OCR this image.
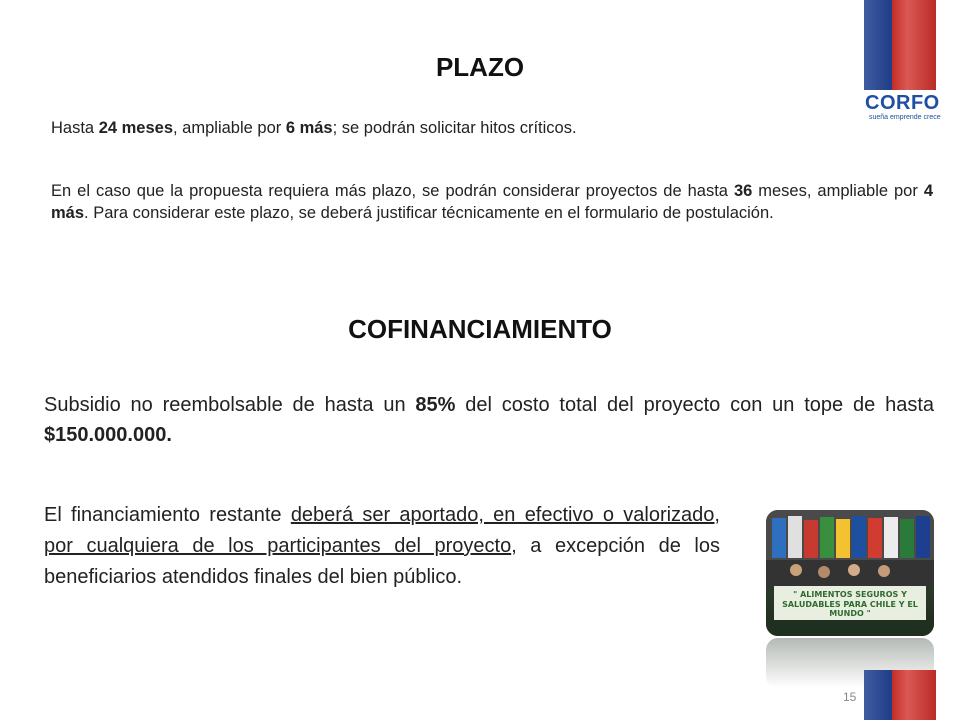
CORFO
sueña emprende crece
PLAZO
Hasta 24 meses, ampliable por 6 más; se podrán solicitar hitos críticos.
En el caso que la propuesta requiera más plazo, se podrán considerar proyectos de hasta 36 meses, ampliable por 4 más. Para considerar este plazo, se deberá justificar técnicamente en el formulario de postulación.
COFINANCIAMIENTO
Subsidio no reembolsable de hasta un 85% del costo total del proyecto con un tope de hasta $150.000.000.
El financiamiento restante deberá ser aportado, en efectivo o valorizado, por cualquiera de los participantes del proyecto, a excepción de los beneficiarios atendidos finales del bien público.
" ALIMENTOS SEGUROS Y SALUDABLES PARA CHILE Y EL MUNDO "
15
